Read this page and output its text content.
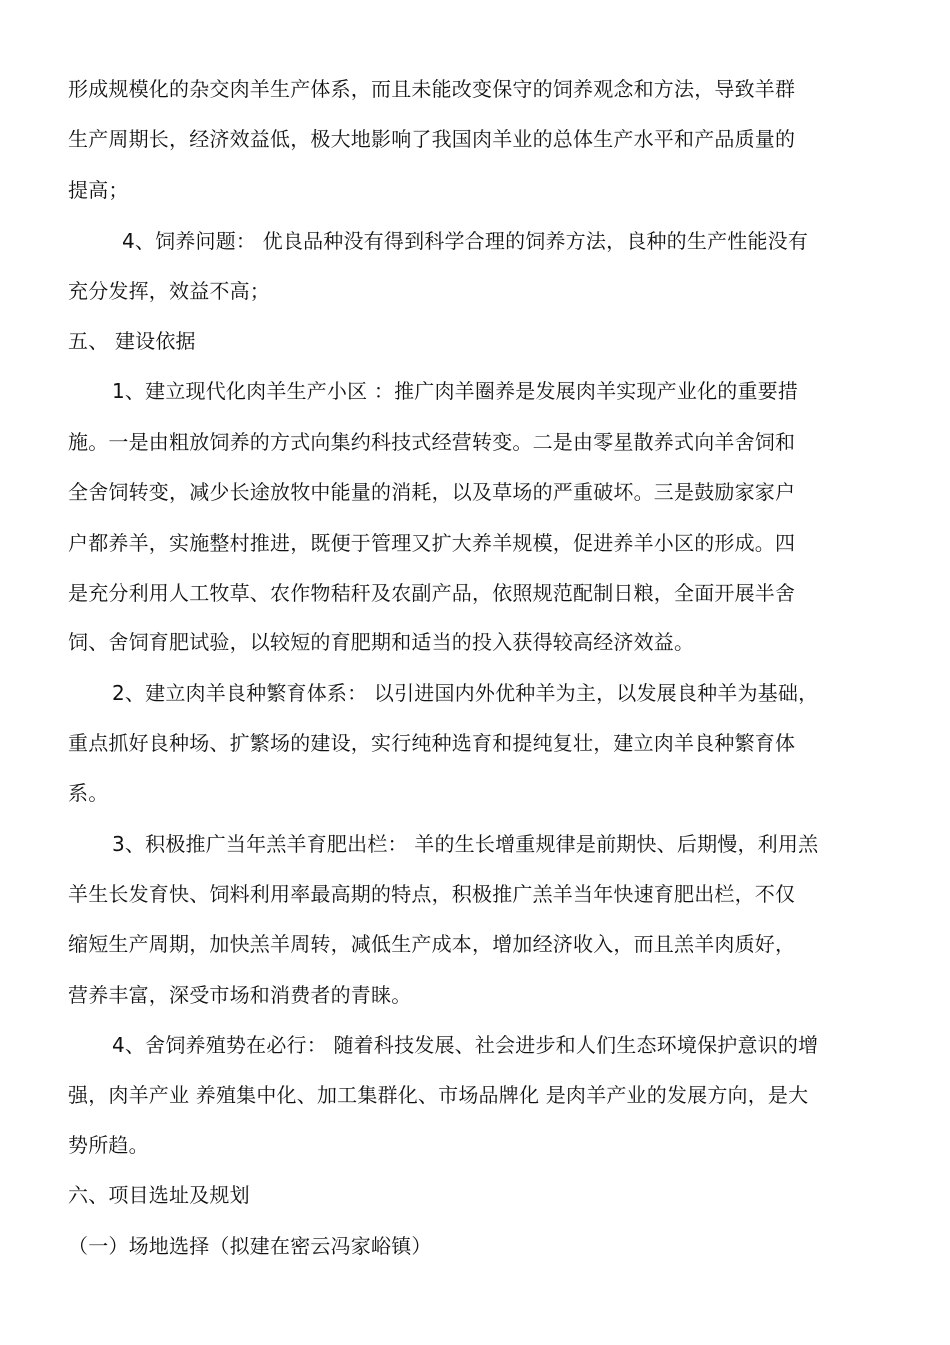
形成规模化的杂交肉羊生产体系，而且未能改变保守的饲养观念和方法，导致羊群
生产周期长，经济效益低，极大地影响了我国肉羊业的总体生产水平和产品质量的
提高；
4、饲养问题： 优良品种没有得到科学合理的饲养方法，良种的生产性能没有
充分发挥，效益不高；
五、 建设依据
1、建立现代化肉羊生产小区 ：推广肉羊圈养是发展肉羊实现产业化的重要措
施。一是由粗放饲养的方式向集约科技式经营转变。二是由零星散养式向羊舍饲和
全舍饲转变，减少长途放牧中能量的消耗，以及草场的严重破坏。三是鼓励家家户
户都养羊，实施整村推进，既便于管理又扩大养羊规模，促进养羊小区的形成。四
是充分利用人工牧草、农作物秸秆及农副产品，依照规范配制日粮，全面开展半舍
饲、舍饲育肥试验，以较短的育肥期和适当的投入获得较高经济效益。
2、建立肉羊良种繁育体系： 以引进国内外优种羊为主，以发展良种羊为基础，
重点抓好良种场、扩繁场的建设，实行纯种选育和提纯复壮，建立肉羊良种繁育体
系。
3、积极推广当年羔羊育肥出栏： 羊的生长增重规律是前期快、后期慢，利用羔
羊生长发育快、饲料利用率最高期的特点，积极推广羔羊当年快速育肥出栏，不仅
缩短生产周期，加快羔羊周转，减低生产成本，增加经济收入，而且羔羊肉质好，
营养丰富，深受市场和消费者的青睐。
4、舍饲养殖势在必行： 随着科技发展、社会进步和人们生态环境保护意识的增
强，肉羊产业 养殖集中化、加工集群化、市场品牌化 是肉羊产业的发展方向，是大
势所趋。
六、项目选址及规划
（一）场地选择（拟建在密云冯家峪镇）
